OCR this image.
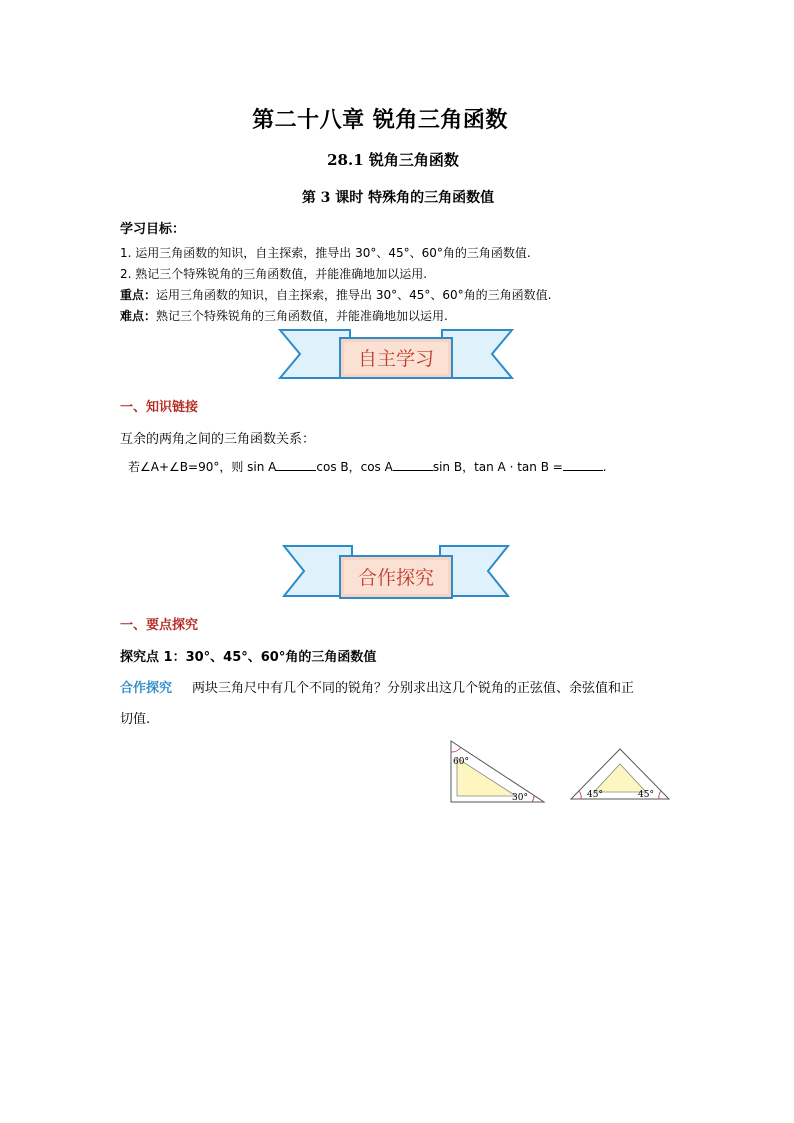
第二十八章 锐角三角函数
28.1 锐角三角函数
第 3 课时 特殊角的三角函数值
学习目标：
1. 运用三角函数的知识，自主探索，推导出 30°、45°、60°角的三角函数值.
2. 熟记三个特殊锐角的三角函数值，并能准确地加以运用.
重点：运用三角函数的知识，自主探索，推导出 30°、45°、60°角的三角函数值.
难点：熟记三个特殊锐角的三角函数值，并能准确地加以运用.
自主学习
一、知识链接
互余的两角之间的三角函数关系：
若∠A+∠B=90°，则 sin A	cos B，cos A	sin B，tan A · tan B =	.
合作探究
一、要点探究
探究点 1：30°、45°、60°角的三角函数值
合作探究 两块三角尺中有几个不同的锐角？分别求出这几个锐角的正弦值、余弦值和正
切值.
60°
30°	45°	45°
